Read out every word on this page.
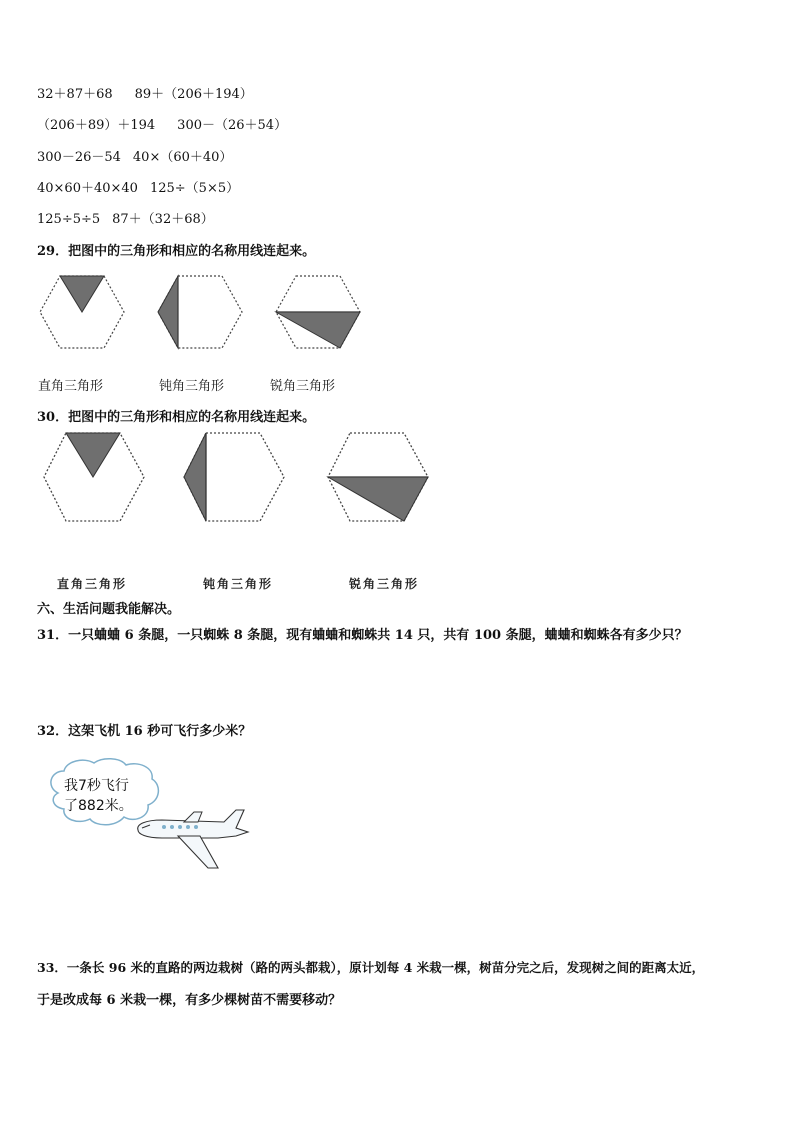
32＋87＋68 89＋（206＋194）
（206＋89）＋194 300－（26＋54）
300－26－54 40×（60＋40）
40×60＋40×40 125÷（5×5）
125÷5÷5 87＋（32＋68）
29．把图中的三角形和相应的名称用线连起来。
直角三角形	钝角三角形	锐角三角形
30．把图中的三角形和相应的名称用线连起来。
直角三角形	钝角三角形	锐角三角形
六、生活问题我能解决。
31．一只蛐蛐 6 条腿，一只蜘蛛 8 条腿，现有蛐蛐和蜘蛛共 14 只，共有 100 条腿，蛐蛐和蜘蛛各有多少只？
32．这架飞机 16 秒可飞行多少米？
我7秒飞行
了882米。
33．一条长 96 米的直路的两边栽树（路的两头都栽），原计划每 4 米栽一棵，树苗分完之后，发现树之间的距离太近，
于是改成每 6 米栽一棵，有多少棵树苗不需要移动？
